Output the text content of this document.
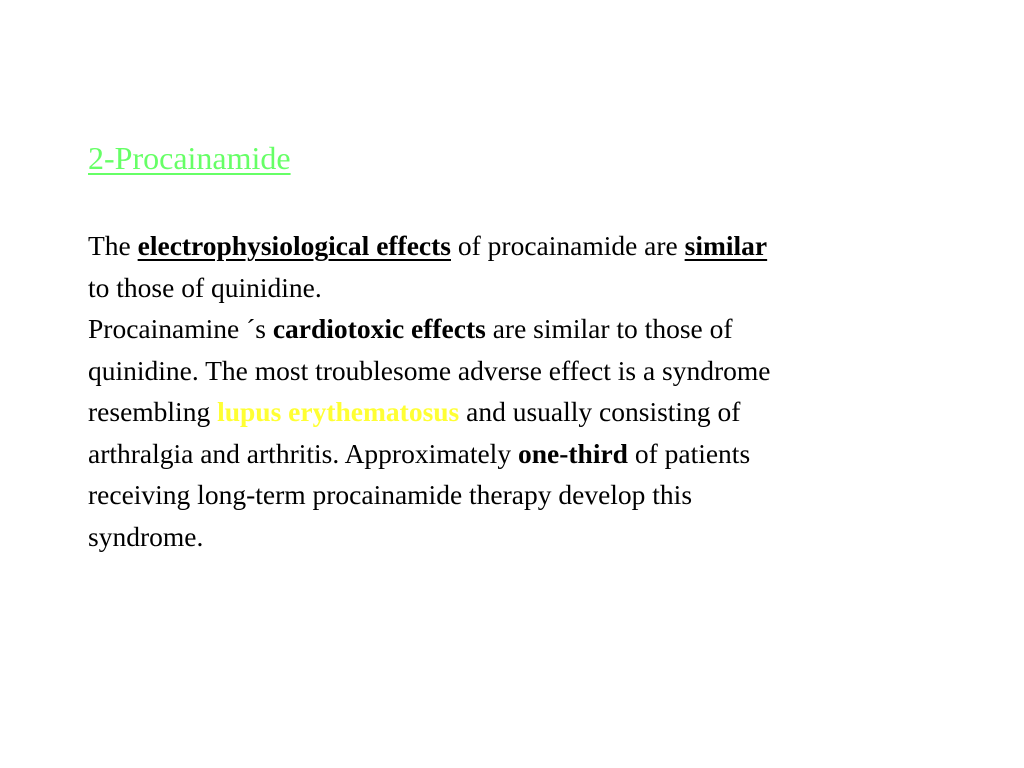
2-Procainamide
The electrophysiological effects of procainamide are similar
to those of quinidine.
Procainamine ´s cardiotoxic effects are similar to those of
quinidine. The most troublesome adverse effect is a syndrome
resembling lupus erythematosus and usually consisting of
arthralgia and arthritis. Approximately one-third of patients
receiving long-term procainamide therapy develop this
syndrome.
